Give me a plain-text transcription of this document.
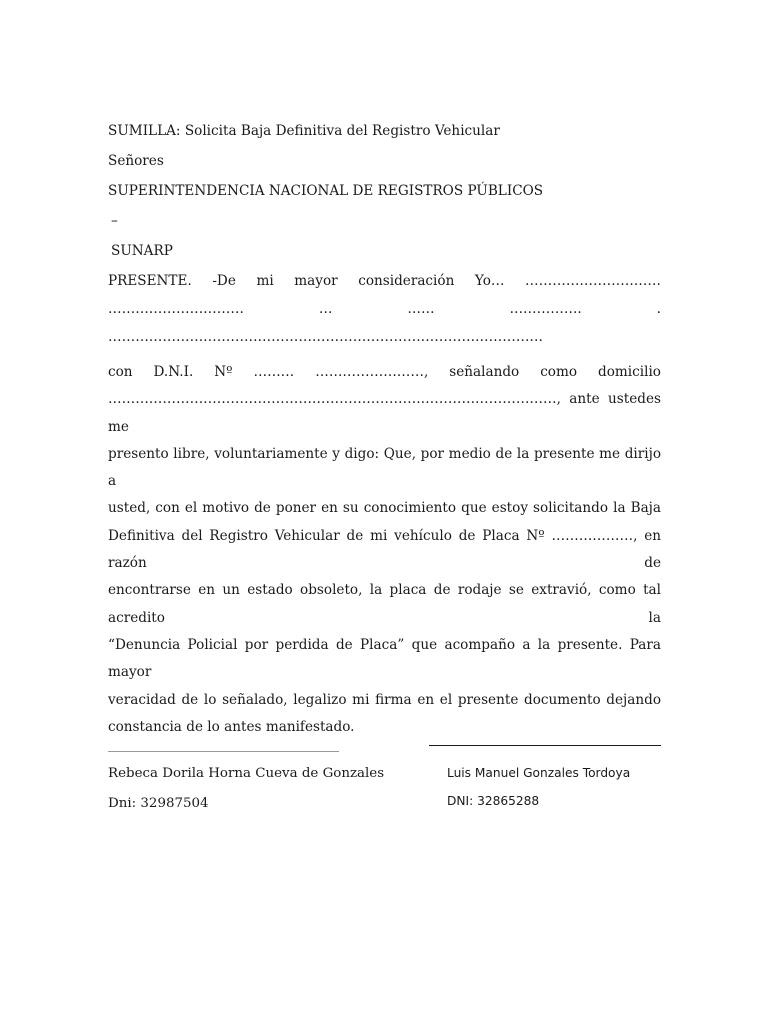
SUMILLA: Solicita Baja Definitiva del Registro Vehicular
Señores
SUPERINTENDENCIA NACIONAL DE REGISTROS PÚBLICOS
–
SUNARP
PRESENTE. -De mi mayor consideración Yo… …………………………
………………………… … …… ……………. .
……………………………………………………………………………………
con D.N.I. Nº ……… ……………………, señalando como domicilio
………………………………………………………………………………………, ante ustedes me
presento libre, voluntariamente y digo: Que, por medio de la presente me dirijo a
usted, con el motivo de poner en su conocimiento que estoy solicitando la Baja
Definitiva del Registro Vehicular de mi vehículo de Placa Nº ………………, en razón de
encontrarse en un estado obsoleto, la placa de rodaje se extravió, como tal acredito la
“Denuncia Policial por perdida de Placa” que acompaño a la presente. Para mayor
veracidad de lo señalado, legalizo mi firma en el presente documento dejando
constancia de lo antes manifestado.
Rebeca Dorila Horna Cueva de Gonzales
Dni: 32987504
Luis Manuel Gonzales Tordoya
DNI: 32865288
